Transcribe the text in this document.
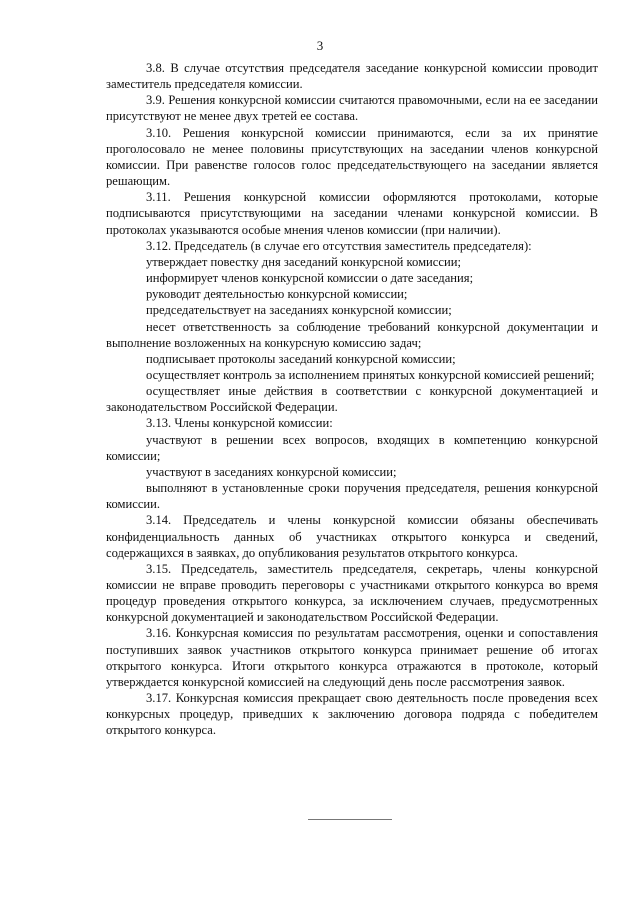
3

3.8. В случае отсутствия председателя заседание конкурсной комиссии проводит заместитель председателя комиссии.

3.9. Решения конкурсной комиссии считаются правомочными, если на ее заседании присутствуют не менее двух третей ее состава.

3.10. Решения конкурсной комиссии принимаются, если за их принятие проголосовало не менее половины присутствующих на заседании членов конкурсной комиссии. При равенстве голосов голос председательствующего на заседании является решающим.

3.11. Решения конкурсной комиссии оформляются протоколами, которые подписываются присутствующими на заседании членами конкурсной комиссии. В протоколах указываются особые мнения членов комиссии (при наличии).

3.12. Председатель (в случае его отсутствия заместитель председателя):

утверждает повестку дня заседаний конкурсной комиссии;

информирует членов конкурсной комиссии о дате заседания;

руководит деятельностью конкурсной комиссии;

председательствует на заседаниях конкурсной комиссии;

несет ответственность за соблюдение требований конкурсной документации и выполнение возложенных на конкурсную комиссию задач;

подписывает протоколы заседаний конкурсной комиссии;

осуществляет контроль за исполнением принятых конкурсной комиссией решений;

осуществляет иные действия в соответствии с конкурсной документацией и законодательством Российской Федерации.

3.13. Члены конкурсной комиссии:

участвуют в решении всех вопросов, входящих в компетенцию конкурсной комиссии;

участвуют в заседаниях конкурсной комиссии;

выполняют в установленные сроки поручения председателя, решения конкурсной комиссии.

3.14. Председатель и члены конкурсной комиссии обязаны обеспечивать конфиденциальность данных об участниках открытого конкурса и сведений, содержащихся в заявках, до опубликования результатов открытого конкурса.

3.15. Председатель, заместитель председателя, секретарь, члены конкурсной комиссии не вправе проводить переговоры с участниками открытого конкурса во время процедур проведения открытого конкурса, за исключением случаев, предусмотренных конкурсной документацией и законодательством Российской Федерации.

3.16. Конкурсная комиссия по результатам рассмотрения, оценки и сопоставления поступивших заявок участников открытого конкурса принимает решение об итогах открытого конкурса. Итоги открытого конкурса отражаются в протоколе, который утверждается конкурсной комиссией на следующий день после рассмотрения заявок.

3.17. Конкурсная комиссия прекращает свою деятельность после проведения всех конкурсных процедур, приведших к заключению договора подряда с победителем открытого конкурса.
